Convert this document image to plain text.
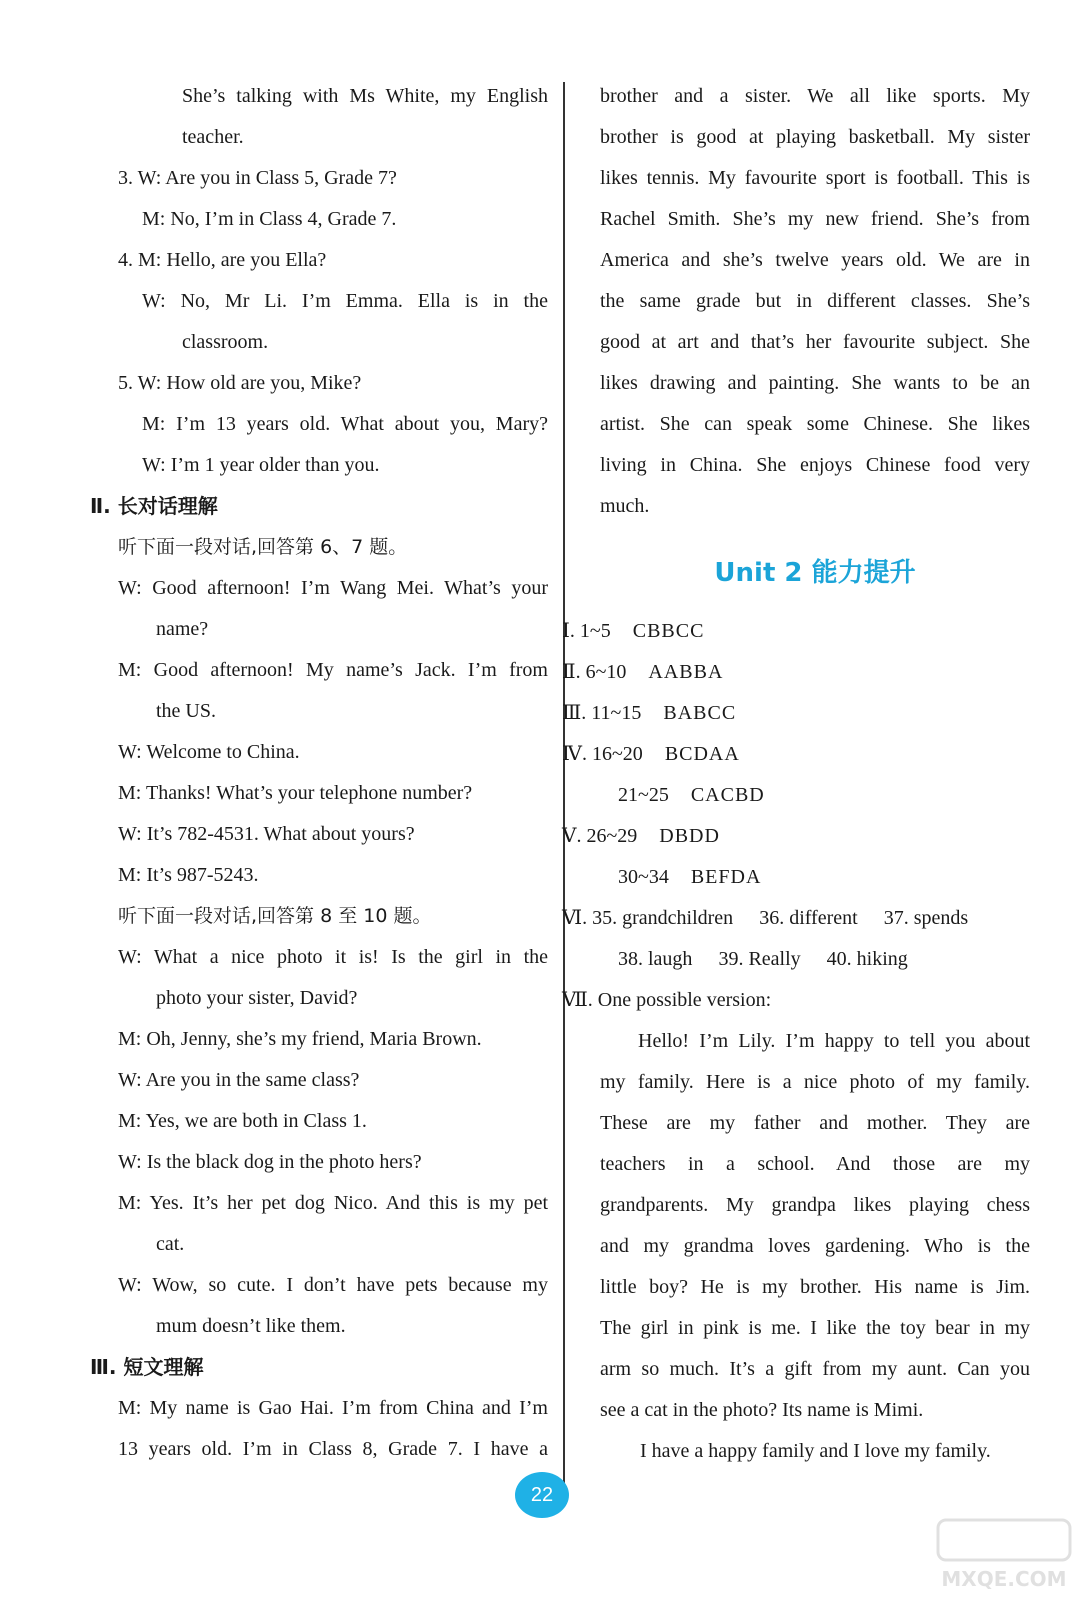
She’s talking with Ms White, my English

teacher.

3. W: Are you in Class 5, Grade 7?

M: No, I’m in Class 4, Grade 7.

4. M: Hello, are you Ella?

W: No, Mr Li. I’m Emma. Ella is in the

classroom.

5. W: How old are you, Mike?

M: I’m 13 years old. What about you, Mary?

W: I’m 1 year older than you.

Ⅱ. 长对话理解

听下面一段对话,回答第 6、7 题。

W: Good afternoon! I’m Wang Mei. What’s your

name?

M: Good afternoon! My name’s Jack. I’m from

the US.

W: Welcome to China.

M: Thanks! What’s your telephone number?

W: It’s 782-4531. What about yours?

M: It’s 987-5243.

听下面一段对话,回答第 8 至 10 题。

W: What a nice photo it is! Is the girl in the

photo your sister, David?

M: Oh, Jenny, she’s my friend, Maria Brown.

W: Are you in the same class?

M: Yes, we are both in Class 1.

W: Is the black dog in the photo hers?

M: Yes. It’s her pet dog Nico. And this is my pet

cat.

W: Wow, so cute. I don’t have pets because my

mum doesn’t like them.

Ⅲ. 短文理解

M: My name is Gao Hai. I’m from China and I’m

13 years old. I’m in Class 8, Grade 7. I have a

brother and a sister. We all like sports. My

brother is good at playing basketball. My sister

likes tennis. My favourite sport is football. This is

Rachel Smith. She’s my new friend. She’s from

America and she’s twelve years old. We are in

the same grade but in different classes. She’s

good at art and that’s her favourite subject. She

likes drawing and painting. She wants to be an

artist. She can speak some Chinese. She likes

living in China. She enjoys Chinese food very

much.

Unit 2 能力提升

Ⅰ. 1~5 CBBCC

Ⅱ. 6~10 AABBA

Ⅲ. 11~15 BABCC

Ⅳ. 16~20 BCDAA

21~25 CACBD

Ⅴ. 26~29 DBDD

30~34 BEFDA

Ⅵ. 35. grandchildren 36. different 37. spends

38. laugh 39. Really 40. hiking

Ⅶ. One possible version:

Hello! I’m Lily. I’m happy to tell you about

my family. Here is a nice photo of my family.

These are my father and mother. They are

teachers in a school. And those are my

grandparents. My grandpa likes playing chess

and my grandma loves gardening. Who is the

little boy? He is my brother. His name is Jim.

The girl in pink is me. I like the toy bear in my

arm so much. It’s a gift from my aunt. Can you

see a cat in the photo? Its name is Mimi.

I have a happy family and I love my family.

22
MXQE.COM
